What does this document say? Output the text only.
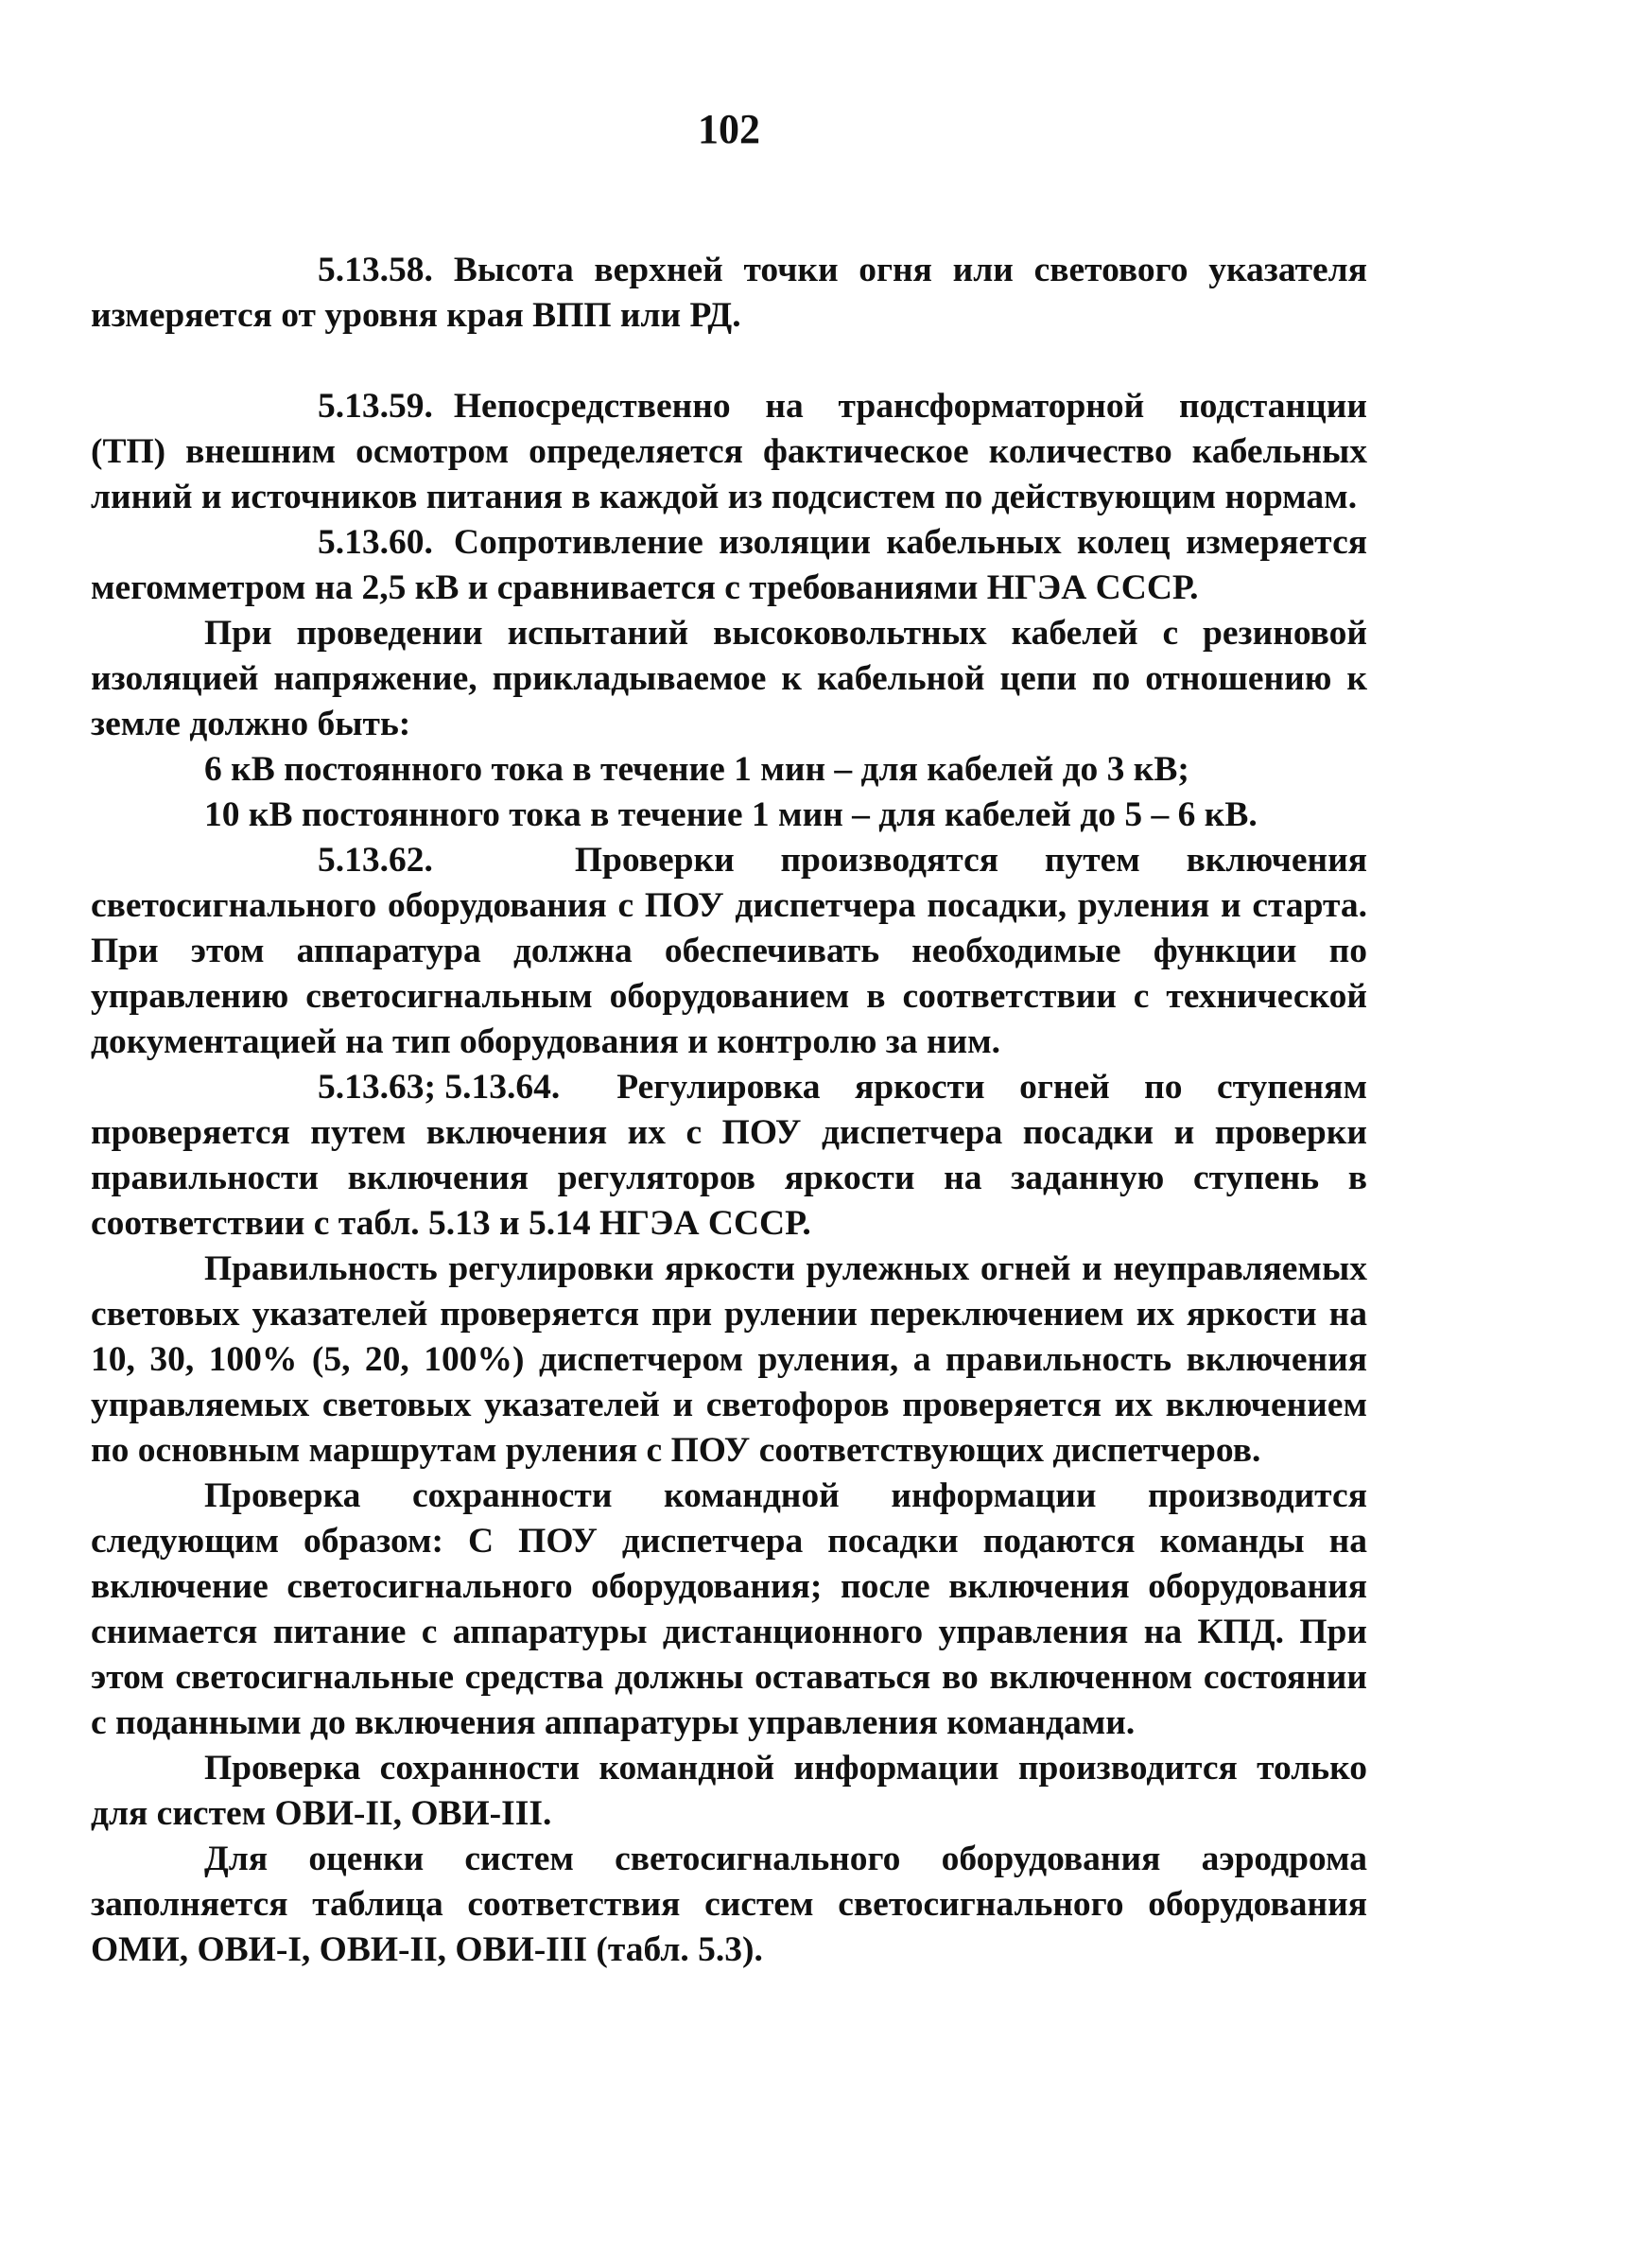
102

5.13.58. Высота верхней точки огня или светового указателя измеряется от уровня края ВПП или РД.

5.13.59. Непосредственно на трансформаторной подстанции (ТП) внешним осмотром определяется фактическое количество кабельных линий и источников питания в каждой из подсистем по действующим нормам.

5.13.60. Сопротивление изоляции кабельных колец измеряется мегомметром на 2,5 кВ и сравнивается с требованиями НГЭА СССР.

При проведении испытаний высоковольтных кабелей с резиновой изоляцией напряжение, прикладываемое к кабельной цепи по отношению к земле должно быть:

6 кВ постоянного тока в течение 1 мин – для кабелей до 3 кВ;

10 кВ постоянного тока в течение 1 мин – для кабелей до 5 – 6 кВ.

5.13.62.	Проверки производятся путем включения светосигнального оборудования с ПОУ диспетчера посадки, руления и старта. При этом аппаратура должна обеспечивать необходимые функции по управлению светосигнальным оборудованием в соответствии с технической документацией на тип оборудования и контролю за ним.

5.13.63; 5.13.64. Регулировка яркости огней по ступеням проверяется путем включения их с ПОУ диспетчера посадки и проверки правильности включения регуляторов яркости на заданную ступень в соответствии с табл. 5.13 и 5.14 НГЭА СССР.

Правильность регулировки яркости рулежных огней и неуправляемых световых указателей проверяется при рулении переключением их яркости на 10, 30, 100% (5, 20, 100%) диспетчером руления, а правильность включения управляемых световых указателей и светофоров проверяется их включением по основным маршрутам руления с ПОУ соответствующих диспетчеров.

Проверка сохранности командной информации производится следующим образом: С ПОУ диспетчера посадки подаются команды на включение светосигнального оборудования; после включения оборудования снимается питание с аппаратуры дистанционного управления на КПД. При этом светосигнальные средства должны оставаться во включенном состоянии с поданными до включения аппаратуры управления командами.

Проверка сохранности командной информации производится только для систем ОВИ-II, ОВИ-III.

Для оценки систем светосигнального оборудования аэродрома заполняется таблица соответствия систем светосигнального оборудования ОМИ, ОВИ-I, ОВИ-II, ОВИ-III (табл. 5.3).
